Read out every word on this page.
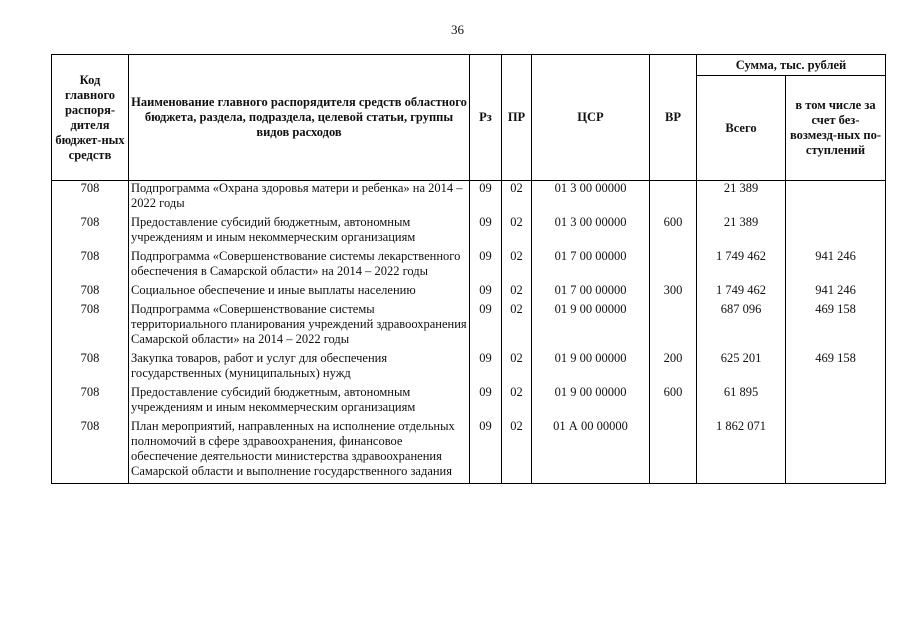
36
Код главного распоря-дителя бюджет-ных средств	Наименование главного распорядителя средств областного бюджета, раздела, подраздела, целевой статьи, группы видов расходов	Рз	ПР	ЦСР	ВР	Сумма, тыс. рублей	
						Всего	в том числе за счет без-возмезд-ных по-ступлений
708	Подпрограмма «Охрана здоровья матери и ребенка» на 2014 – 2022 годы	09	02	01 3 00 00000		21 389	
708	Предоставление субсидий бюджетным, автономным учреждениям и иным некоммерческим организациям	09	02	01 3 00 00000	600	21 389	
708	Подпрограмма «Совершенствование системы лекарственного обеспечения в Самарской области» на 2014 – 2022 годы	09	02	01 7 00 00000		1 749 462	941 246
708	Социальное обеспечение и иные выплаты населению	09	02	01 7 00 00000	300	1 749 462	941 246
708	Подпрограмма «Совершенствование системы территориального планирования учреждений здравоохранения Самарской области» на 2014 – 2022 годы	09	02	01 9 00 00000		687 096	469 158
708	Закупка товаров, работ и услуг для обеспечения государственных (муниципальных) нужд	09	02	01 9 00 00000	200	625 201	469 158
708	Предоставление субсидий бюджетным, автономным учреждениям и иным некоммерческим организациям	09	02	01 9 00 00000	600	61 895	
708	План мероприятий, направленных на исполнение отдельных полномочий в сфере здравоохранения, финансовое обеспечение деятельности министерства здравоохранения Самарской области и выполнение государственного задания	09	02	01 А 00 00000		1 862 071	
